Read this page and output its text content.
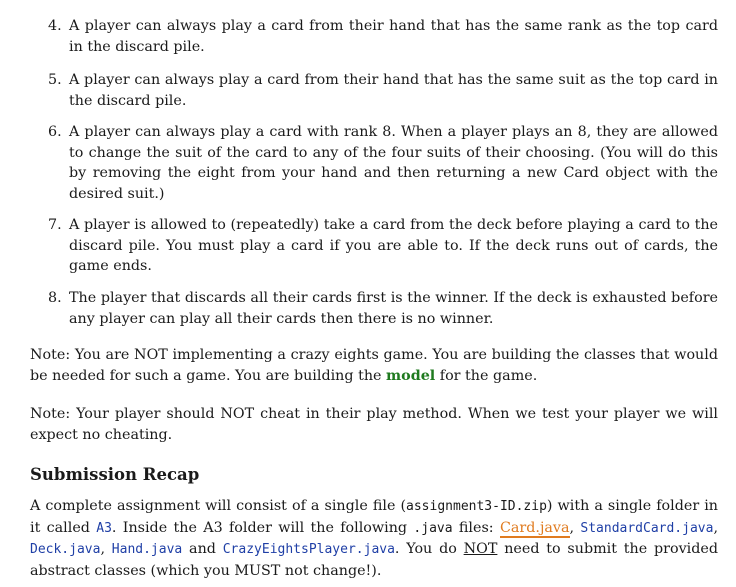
4. A player can always play a card from their hand that has the same rank as the top card in the discard pile.
5. A player can always play a card from their hand that has the same suit as the top card in the discard pile.
6. A player can always play a card with rank 8. When a player plays an 8, they are allowed to change the suit of the card to any of the four suits of their choosing. (You will do this by removing the eight from your hand and then returning a new Card object with the desired suit.)
7. A player is allowed to (repeatedly) take a card from the deck before playing a card to the discard pile. You must play a card if you are able to. If the deck runs out of cards, the game ends.
8. The player that discards all their cards first is the winner. If the deck is exhausted before any player can play all their cards then there is no winner.
Note: You are NOT implementing a crazy eights game. You are building the classes that would be needed for such a game. You are building the model for the game.
Note: Your player should NOT cheat in their play method. When we test your player we will expect no cheating.
Submission Recap
A complete assignment will consist of a single file (assignment3-ID.zip) with a single folder in it called A3. Inside the A3 folder will the following .java files: Card.java, StandardCard.java, Deck.java, Hand.java and CrazyEightsPlayer.java. You do NOT need to submit the provided abstract classes (which you MUST not change!).
